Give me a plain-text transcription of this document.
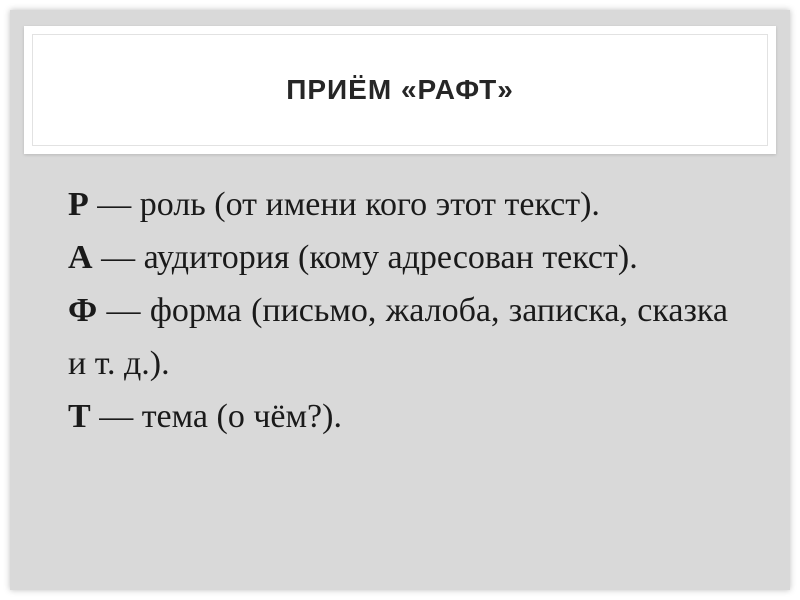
ПРИЁМ «РАФТ»

Р — роль (от имени кого этот текст).

А — аудитория (кому адресован текст).

Ф — форма (письмо, жалоба, записка, сказка и т. д.).

Т — тема (о чём?).
